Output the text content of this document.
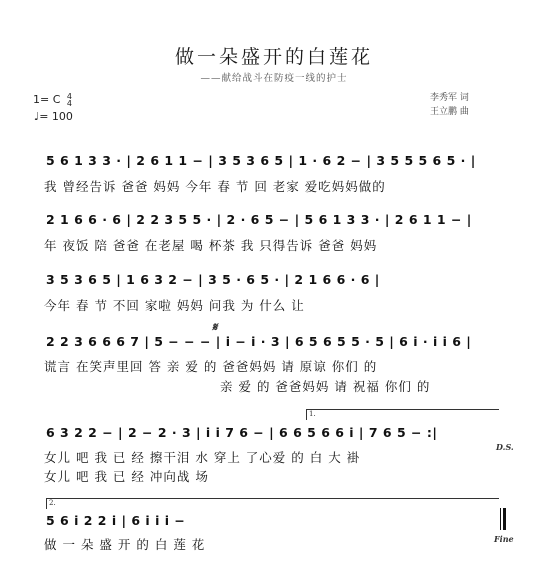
做一朵盛开的白莲花
——献给战斗在防疫一线的护士
李秀军 词
王立鹏 曲
1= C 4
4
♩= 100
5 6 1 3 3 · | 2 6 1 1 − | 3 5 3 6 5 | 1 · 6 2 − | 3 5 5 5 6 5 · |
我 曾经告诉 爸爸 妈妈 今年 春 节 回 老家 爱吃妈妈做的
2 1 6 6 · 6 | 2 2 3 5 5 · | 2 · 6 5 − | 5 6 1 3 3 · | 2 6 1 1 − |
年 夜饭 陪 爸爸 在老屋 喝 杯茶 我 只得告诉 爸爸 妈妈
3 5 3 6 5 | 1 6 3 2 − | 3 5 · 6 5 · | 2 1 6 6 · 6 |
今年 春 节 不回 家啦 妈妈 问我 为 什么 让
𝄋
2 2 3 6 6 6 7 | 5 − − − | i − i · 3 | 6 5 6 5 5 · 5 | 6 i · i i 6 |
谎言 在笑声里回 答 亲 爱 的 爸爸妈妈 请 原谅 你们 的
亲 爱 的 爸爸妈妈 请 祝福 你们 的
1.
6 3 2 2 − | 2 − 2 · 3 | i i 7 6 − | 6 6 5 6 6 i | 7 6 5 − :|
D.S.
女儿 吧 我 已 经 擦干泪 水 穿上 了心爱 的 白 大 褂
女儿 吧 我 已 经 冲向战 场
2.
5 6 i 2 2 i | 6 i i i −
做 一 朵 盛 开 的 白 莲 花	Fine
